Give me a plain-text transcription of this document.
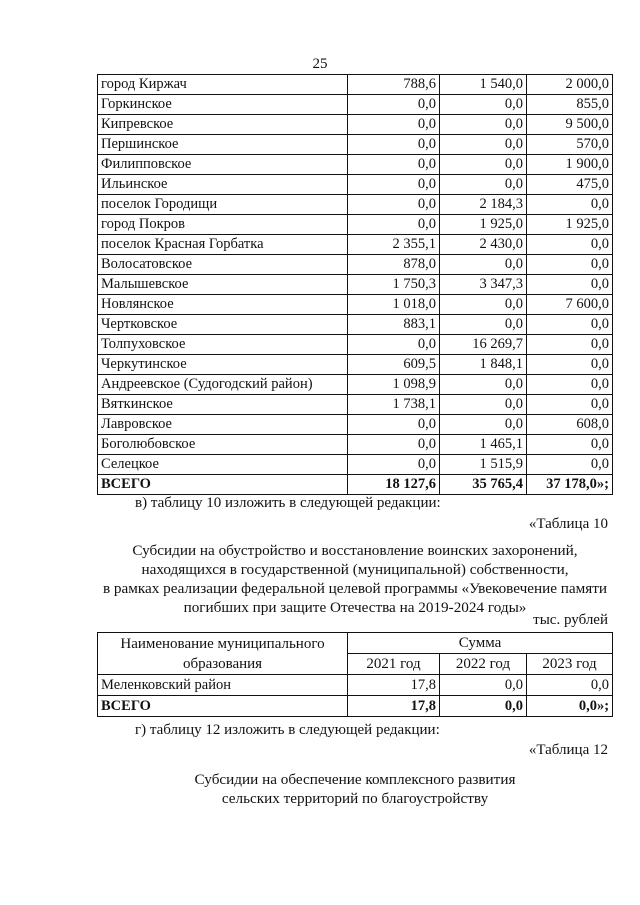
25
город Киржач	788,6	1 540,0	2 000,0
Горкинское	0,0	0,0	855,0
Кипревское	0,0	0,0	9 500,0
Першинское	0,0	0,0	570,0
Филипповское	0,0	0,0	1 900,0
Ильинское	0,0	0,0	475,0
поселок Городищи	0,0	2 184,3	0,0
город Покров	0,0	1 925,0	1 925,0
поселок Красная Горбатка	2 355,1	2 430,0	0,0
Волосатовское	878,0	0,0	0,0
Малышевское	1 750,3	3 347,3	0,0
Новлянское	1 018,0	0,0	7 600,0
Чертковское	883,1	0,0	0,0
Толпуховское	0,0	16 269,7	0,0
Черкутинское	609,5	1 848,1	0,0
Андреевское (Судогодский район)	1 098,9	0,0	0,0
Вяткинское	1 738,1	0,0	0,0
Лавровское	0,0	0,0	608,0
Боголюбовское	0,0	1 465,1	0,0
Селецкое	0,0	1 515,9	0,0
ВСЕГО	18 127,6	35 765,4	37 178,0»;
в) таблицу 10 изложить в следующей редакции:
«Таблица 10
Субсидии на обустройство и восстановление воинских захоронений,
находящихся в государственной (муниципальной) собственности,
в рамках реализации федеральной целевой программы «Увековечение памяти
погибших при защите Отечества на 2019-2024 годы»
тыс. рублей
Наименование муниципального образования	Сумма		
	2021 год	2022 год	2023 год
Меленковский район	17,8	0,0	0,0
ВСЕГО	17,8	0,0	0,0»;
г) таблицу 12 изложить в следующей редакции:
«Таблица 12
Субсидии на обеспечение комплексного развития
сельских территорий по благоустройству
